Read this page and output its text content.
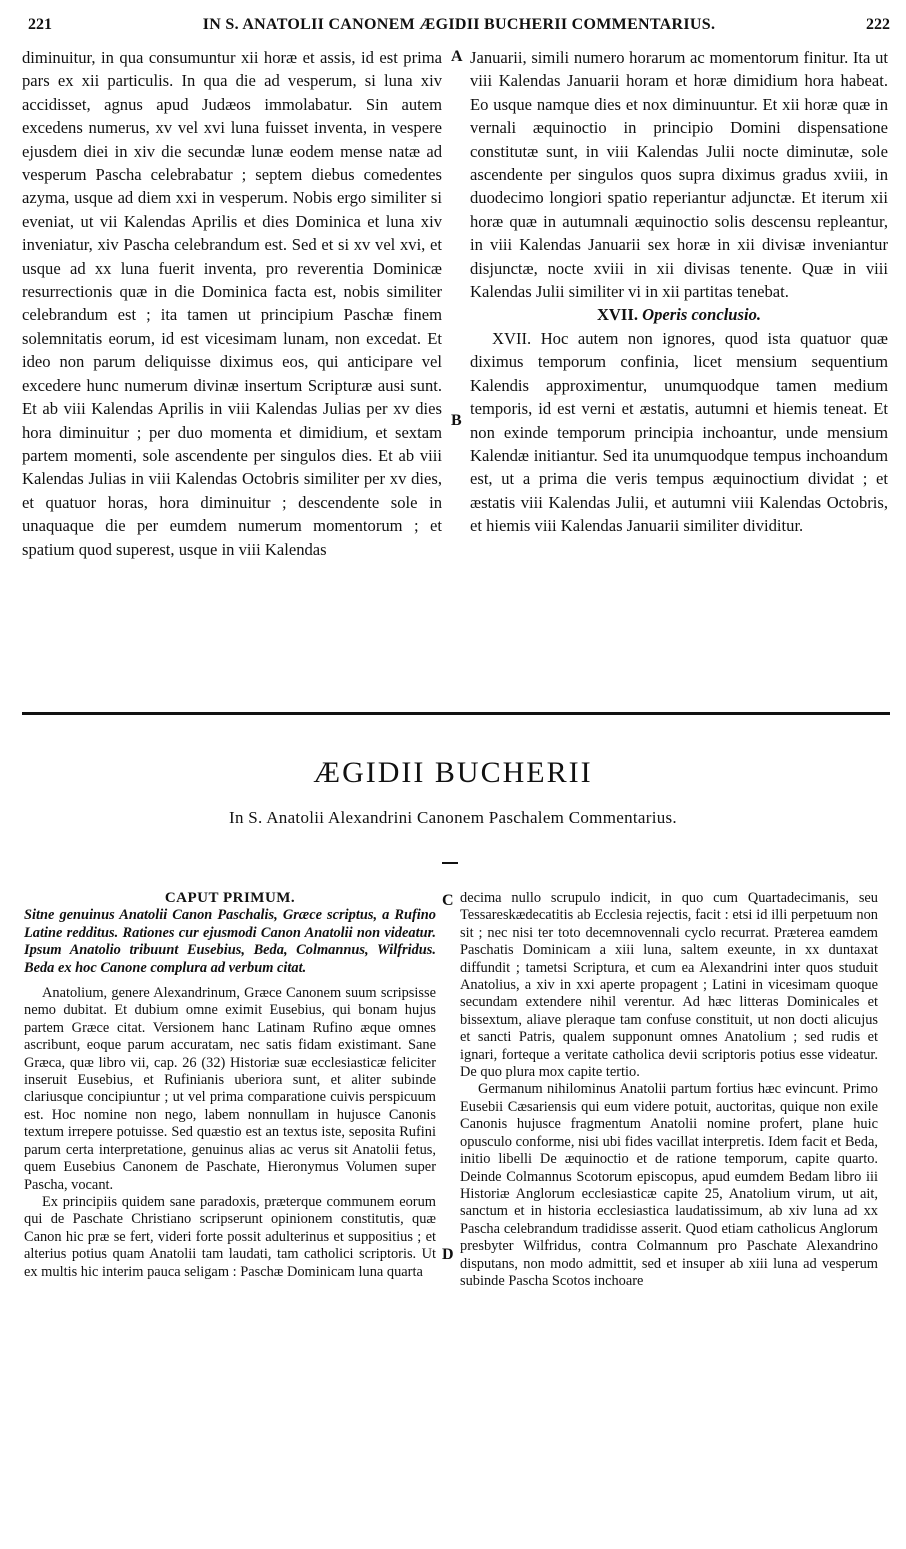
221	IN S. ANATOLII CANONEM ÆGIDII BUCHERII COMMENTARIUS.	222

diminuitur, in qua consumuntur xii horæ et assis, id est prima pars ex xii particulis. In qua die ad vesperum, si luna xiv accidisset, agnus apud Judæos immolabatur. Sin autem excedens numerus, xv vel xvi luna fuisset inventa, in vespere ejusdem diei in xiv die secundæ lunæ eodem mense natæ ad vesperum Pascha celebrabatur ; septem diebus comedentes azyma, usque ad diem xxi in vesperum. Nobis ergo similiter si eveniat, ut vii Kalendas Aprilis et dies Dominica et luna xiv inveniatur, xiv Pascha celebrandum est. Sed et si xv vel xvi, et usque ad xx luna fuerit inventa, pro reverentia Dominicæ resurrectionis quæ in die Dominica facta est, nobis similiter celebrandum est ; ita tamen ut principium Paschæ finem solemnitatis eorum, id est vicesimam lunam, non excedat. Et ideo non parum deliquisse diximus eos, qui anticipare vel excedere hunc numerum divinæ insertum Scripturæ ausi sunt. Et ab viii Kalendas Aprilis in viii Kalendas Julias per xv dies hora diminuitur ; per duo momenta et dimidium, et sextam partem momenti, sole ascendente per singulos dies. Et ab viii Kalendas Julias in viii Kalendas Octobris similiter per xv dies, et quatuor horas, hora diminuitur ; descendente sole in unaquaque die per eumdem numerum momentorum ; et spatium quod superest, usque in viii Kalendas

A
B

Januarii, simili numero horarum ac momentorum finitur. Ita ut viii Kalendas Januarii horam et horæ dimidium hora habeat. Eo usque namque dies et nox diminuuntur. Et xii horæ quæ in vernali æquinoctio in principio Domini dispensatione constitutæ sunt, in viii Kalendas Julii nocte diminutæ, sole ascendente per singulos quos supra diximus gradus xviii, in duodecimo longiori spatio reperiantur adjunctæ. Et iterum xii horæ quæ in autumnali æquinoctio solis descensu repleantur, in viii Kalendas Januarii sex horæ in xii divisæ inveniantur disjunctæ, nocte xviii in xii divisas tenente. Quæ in viii Kalendas Julii similiter vi in xii partitas tenebat.

XVII. Operis conclusio.

XVII. Hoc autem non ignores, quod ista quatuor quæ diximus temporum confinia, licet mensium sequentium Kalendis approximentur, unumquodque tamen medium temporis, id est verni et æstatis, autumni et hiemis teneat. Et non exinde temporum principia inchoantur, unde mensium Kalendæ initiantur. Sed ita unumquodque tempus inchoandum est, ut a prima die veris tempus æquinoctium dividat ; et æstatis viii Kalendas Julii, et autumni viii Kalendas Octobris, et hiemis viii Kalendas Januarii similiter dividitur.

ÆGIDII BUCHERII
In S. Anatolii Alexandrini Canonem Paschalem Commentarius.

CAPUT PRIMUM.

Sitne genuinus Anatolii Canon Paschalis, Græce scriptus, a Rufino Latine redditus. Rationes cur ejusmodi Canon Anatolii non videatur. Ipsum Anatolio tribuunt Eusebius, Beda, Colmannus, Wilfridus. Beda ex hoc Canone complura ad verbum citat.

Anatolium, genere Alexandrinum, Græce Canonem suum scripsisse nemo dubitat. Et dubium omne eximit Eusebius, qui bonam hujus partem Græce citat. Versionem hanc Latinam Rufino æque omnes ascribunt, eoque parum accuratam, nec satis fidam existimant. Sane Græca, quæ libro vii, cap. 26 (32) Historiæ suæ ecclesiasticæ feliciter inseruit Eusebius, et Rufinianis uberiora sunt, et aliter subinde clariusque concipiuntur ; ut vel prima comparatione cuivis perspicuum est. Hoc nomine non nego, labem nonnullam in hujusce Canonis textum irrepere potuisse. Sed quæstio est an textus iste, seposita Rufini parum certa interpretatione, genuinus alias ac verus sit Anatolii fetus, quem Eusebius Canonem de Paschate, Hieronymus Volumen super Pascha, vocant.

Ex principiis quidem sane paradoxis, præterque communem eorum qui de Paschate Christiano scripserunt opinionem constitutis, quæ Canon hic præ se fert, videri forte possit adulterinus et suppositius ; et alterius potius quam Anatolii tam laudati, tam catholici scriptoris. Ut ex multis hic interim pauca seligam : Paschæ Dominicam luna quarta

C
D

decima nullo scrupulo indicit, in quo cum Quartadecimanis, seu Tessareskædecatitis ab Ecclesia rejectis, facit : etsi id illi perpetuum non sit ; nec nisi ter toto decemnovennali cyclo recurrat. Præterea eamdem Paschatis Dominicam a xiii luna, saltem exeunte, in xx duntaxat diffundit ; tametsi Scriptura, et cum ea Alexandrini inter quos studuit Anatolius, a xiv in xxi aperte propagent ; Latini in vicesimam quoque secundam extendere nihil verentur. Ad hæc litteras Dominicales et bissextum, aliave pleraque tam confuse constituit, ut non docti alicujus et sancti Patris, qualem supponunt omnes Anatolium ; sed rudis et ignari, forteque a veritate catholica devii scriptoris potius esse videatur. De quo plura mox capite tertio.

Germanum nihilominus Anatolii partum fortius hæc evincunt. Primo Eusebii Cæsariensis qui eum videre potuit, auctoritas, quique non exile Canonis hujusce fragmentum Anatolii nomine profert, plane huic opusculo conforme, nisi ubi fides vacillat interpretis. Idem facit et Beda, initio libelli De æquinoctio et de ratione temporum, capite quarto. Deinde Colmannus Scotorum episcopus, apud eumdem Bedam libro iii Historiæ Anglorum ecclesiasticæ capite 25, Anatolium virum, ut ait, sanctum et in historia ecclesiastica laudatissimum, ab xiv luna ad xx Pascha celebrandum tradidisse asserit. Quod etiam catholicus Anglorum presbyter Wilfridus, contra Colmannum pro Paschate Alexandrino disputans, non modo admittit, sed et insuper ab xiii luna ad vesperum subinde Pascha Scotos inchoare
